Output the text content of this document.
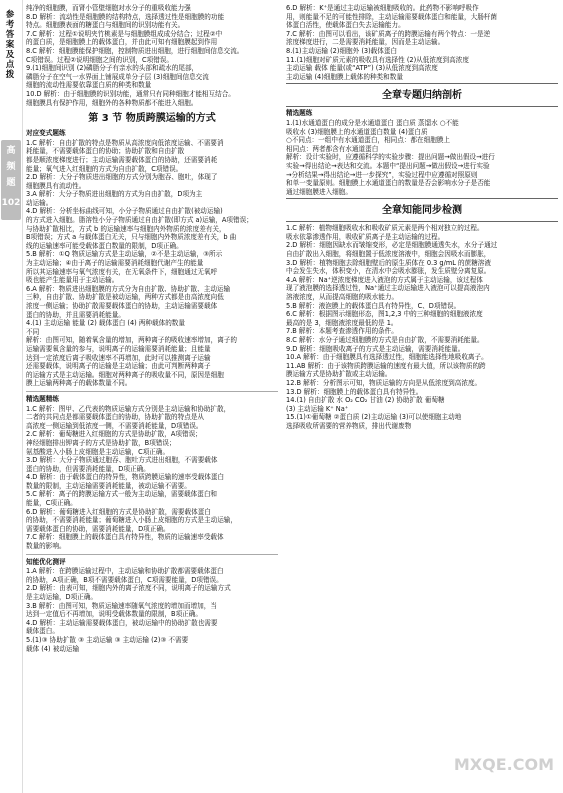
参
考
答
案
及
点
拨
高
频
题
102

纯净的细胞膜，而肾小管壁细胞对水分子的重吸收能力强

8.D 解析：流动性是细胞膜的结构特点，选择透过性是细胞膜的功能

特点。细胞膜表面的糖蛋白与细胞间的识别功能有关。

7.C 解析：过程①说明夹竹桃素是与细胞膜组成成分结合；过程②中

的蛋白质，是细胞膜上的载体蛋白，并由此可知有细胞膜起到作用

8.C 解析：细胞膜能保护细胞，控制物质进出细胞，进行细胞间信息交流。

C项错误。过程②说明细胞之间的识别，C项错误。

9.(1)细胞间识别 (2)磷脂分子有亲水的头部和疏水的尾部，

磷脂分子在空气一水界面上铺展成单分子层 (3)细胞间信息交流

细胞的流动性需要依靠蛋白质的种类和数量

10.D 解析：由于细胞膜的识别功能，通常只有同种细胞才能相互结合。

细胞膜具有保护作用，细胞外的各种物质都不能进入细胞。

第 3 节 物质跨膜运输的方式
对应变式题练

1.C 解析：自由扩散的特点是物质从高浓度向低浓度运输、不需要消

耗能量，不需要载体蛋白的协助；协助扩散和自由扩散

都是顺浓度梯度进行；主动运输需要载体蛋白的协助，还需要消耗

能量；氧气进入红细胞的方式为自由扩散，C项错误。

2.D 解析：大分子物质进出细胞的方式分别为胞吞、胞吐，体现了

细胞膜具有流动性。

3.A 解析：大分子物质进出细胞的方式为自由扩散，D项为主

动运输。

4.D 解析：分析坐标曲线可知，小分子物质通过自由扩散(被动运输)

的方式进入细胞。脂溶性小分子物质通过自由扩散(即方式 a)运输，A项错误；

与协助扩散相比，方式 b 的运输速率与细胞内外物质的浓度差有关，

B项错误；方式 a 与载体蛋白无关，只与细胞内外物质浓度差有关，b 曲

线的运输速率可能受载体蛋白数量的限制，D项正确。

5.B 解析：①Q 物质运输方式是主动运输，②不是主动运输，③所示

为主动运输；④由于离子的运输需要消耗细胞代谢产生的能量

所以其运输速率与氧气浓度有关，在无氧条件下，细胞通过无氧呼

吸也能产生能量用于主动运输。

6.A 解析：物质进出细胞膜的方式分为自由扩散、协助扩散、主动运输

三种，自由扩散、协助扩散是被动运输，两种方式都是由高浓度向低

浓度一侧运输；协助扩散需要载体蛋白的协助，主动运输需要载体

蛋白的协助，并且需要消耗能量。

4.(1) 主动运输 能量 (2) 载体蛋白 (4) 两种载体的数量

不同

解析：由图可知，随着氧含量的增加，两种离子的吸收速率增加，离子的

运输需要氧含量的参与，说明离子的运输需要消耗能量；且能量

达到一定浓度后离子吸收速率不再增加，此时可以推测离子运输

还需要载体，说明离子的运输是主动运输；由此可判断两种离子

的运输方式是主动运输。细胞对两种离子的吸收量不同，原因是细胞

膜上运输两种离子的载体数量不同。

精选题精练

1.C 解析：图甲、乙代表的物质运输方式分别是主动运输和协助扩散，

二者的共同点是都需要载体蛋白的协助，协助扩散的特点是从

高浓度一侧运输到低浓度一侧，不需要消耗能量，D项错误。

2.C 解析：葡萄糖进入红细胞的方式是协助扩散，A项错误；

神经细胞排出钾离子的方式是协助扩散，B项错误；

氨基酸进入小肠上皮细胞是主动运输，C项正确。

3.D 解析：大分子物质通过胞吞、胞吐方式进出细胞，不需要载体

蛋白的协助，但需要消耗能量，D项正确。

4.D 解析：由于载体蛋白的特异性，物质跨膜运输的速率受载体蛋白

数量的限制，主动运输需要消耗能量，被动运输不需要。

5.C 解析：离子的跨膜运输方式一般为主动运输，需要载体蛋白和

能量，C项正确。

6.D 解析：葡萄糖进入红细胞的方式是协助扩散，需要载体蛋白

的协助，不需要消耗能量；葡萄糖进入小肠上皮细胞的方式是主动运输，

需要载体蛋白的协助，需要消耗能量，D项正确。

7.C 解析：细胞膜上的载体蛋白具有特异性，物质的运输速率受载体

数量的影响。

知能优化测评

1.A 解析：在跨膜运输过程中，主动运输和协助扩散都需要载体蛋白

的协助，A项正确，B项不需要载体蛋白，C项需要能量，D项错误。

2.D 解析：由表可知，细胞内外的离子浓度不同，说明离子的运输方式

是主动运输，D项正确。

3.B 解析：由图可知，物质运输速率随氧气浓度的增加而增加，当

达到一定值后不再增加，说明受载体数量的限制，B项正确。

4.D 解析：主动运输需要载体蛋白，被动运输中的协助扩散也需要

载体蛋白。

5.(1)③ 协助扩散 ③ 主动运输 ③ 主动运输 (2)③ 不需要

载体 (4) 被动运输

6.D 解析：K⁺是通过主动运输被细胞吸收的。此药物不影响呼吸作

用，则能量不足的可能性排除，主动运输需要载体蛋白和能量，大肠杆菌

体蛋白活性，使载体蛋白失去运输能力。

7.C 解析：由图可以看出，该矿质离子的跨膜运输有两个特点：一是逆

浓度梯度进行，二是需要消耗能量，因而是主动运输。

8.(1)主动运输 (2)细胞外 (3)载体蛋白

11.(1)细胞对矿质元素的吸收具有选择性 (2)从低浓度到高浓度

主动运输 载体 能量(或“ATP”) (3)从低浓度到高浓度

主动运输 (4)细胞膜上载体的种类和数量

全章专题归纳剖析
精选题练

1.(1)水通道蛋白的成分是水通道蛋白 蛋白质 蒸馏水 ○不能

吸收水 (3)细胞膜上的水通道蛋白数量 (4)蛋白质

○不同点：一组中有水通道蛋白，相同点：都在细胞膜上

相同点：两者都含有水通道蛋白

解析：设计实验时，应遵循科学的实验步骤：提出问题→做出假设→进行

实验→得出结论→表达和交流。本题中“提出问题→做出假设→进行实验

→分析结果→得出结论→进一步探究”，实验过程中应遵循对照原则

和单一变量原则。细胞膜上水通道蛋白的数量是否会影响水分子是否能

通过细胞膜进入细胞。

全章知能同步检测

1.C 解析：植物细胞吸收水和吸收矿质元素是两个相对独立的过程。

吸水依靠渗透作用，吸收矿质离子是主动运输的过程。

2.D 解析：细胞因缺水而皱缩变形，必定是细胞膜通透失水，水分子通过

自由扩散出入细胞，将细胞置于低浓度溶液中，细胞会因吸水而膨胀，

3.D 解析：植物细胞去除细胞壁后的原生质体在 0.3 g/mL 的蔗糖溶液

中会发生失水，体积变小，在清水中会吸水膨胀，发生质壁分离复原。

4.A 解析：Na⁺逆浓度梯度进入液泡的方式属于主动运输，该过程体

现了液泡膜的选择透过性，Na⁺通过主动运输进入液泡可以提高液泡内

溶液浓度，从而提高细胞的吸水能力。

5.B 解析：液泡膜上的载体蛋白具有特异性，C、D项错误。

6.C 解析：根据图示细胞形态，图1,2,3 中的三种细胞的细胞液浓度

最高的是 3，细胞液浓度最低的是 1。

7.B 解析：本题考查渗透作用的条件。

8.C 解析：水分子通过细胞膜的方式是自由扩散，不需要消耗能量。

9.D 解析：细胞吸收离子的方式是主动运输，需要消耗能量。

10.A 解析：由于细胞膜具有选择透过性，细胞能选择性地吸收离子。

11.AB 解析：由于该物质跨膜运输的速度有最大值，所以该物质的跨

膜运输方式是协助扩散或主动运输。

12.B 解析：分析图示可知，物质运输的方向是从低浓度到高浓度。

13.D 解析：细胞膜上的载体蛋白具有特异性。

14.(1) 自由扩散 水 O₂ CO₂ 甘油 (2) 协助扩散 葡萄糖

(3) 主动运输 K⁺ Na⁺

15.(1)①葡萄糖 ②蛋白质 (2)主动运输 (3)可以使细胞主动地

选择吸收所需要的营养物质，排出代谢废物

MXQE.COM
